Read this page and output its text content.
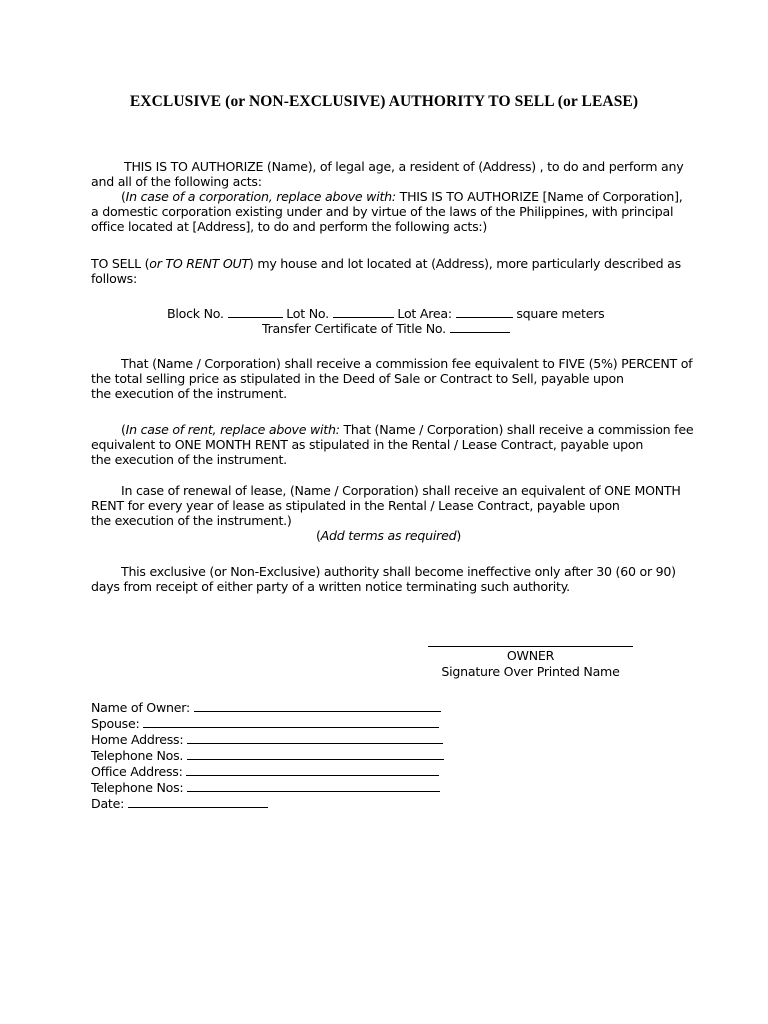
EXCLUSIVE (or NON-EXCLUSIVE) AUTHORITY TO SELL (or LEASE)
THIS IS TO AUTHORIZE (Name), of legal age, a resident of (Address) , to do and perform any
and all of the following acts:
(In case of a corporation, replace above with: THIS IS TO AUTHORIZE [Name of Corporation],
a domestic corporation existing under and by virtue of the laws of the Philippines, with principal
office located at [Address], to do and perform the following acts:)
TO SELL (or TO RENT OUT) my house and lot located at (Address), more particularly described as
follows:
Block No.	Lot No.	Lot Area:	square meters
Transfer Certificate of Title No.
That (Name / Corporation) shall receive a commission fee equivalent to FIVE (5%) PERCENT of
the total selling price as stipulated in the Deed of Sale or Contract to Sell, payable upon
the execution of the instrument.
(In case of rent, replace above with: That (Name / Corporation) shall receive a commission fee
equivalent to ONE MONTH RENT as stipulated in the Rental / Lease Contract, payable upon
the execution of the instrument.
In case of renewal of lease, (Name / Corporation) shall receive an equivalent of ONE MONTH
RENT for every year of lease as stipulated in the Rental / Lease Contract, payable upon
the execution of the instrument.)
(Add terms as required)
This exclusive (or Non-Exclusive) authority shall become ineffective only after 30 (60 or 90)
days from receipt of either party of a written notice terminating such authority.
OWNER
Signature Over Printed Name
Name of Owner:
Spouse:
Home Address:
Telephone Nos.
Office Address:
Telephone Nos:
Date:
